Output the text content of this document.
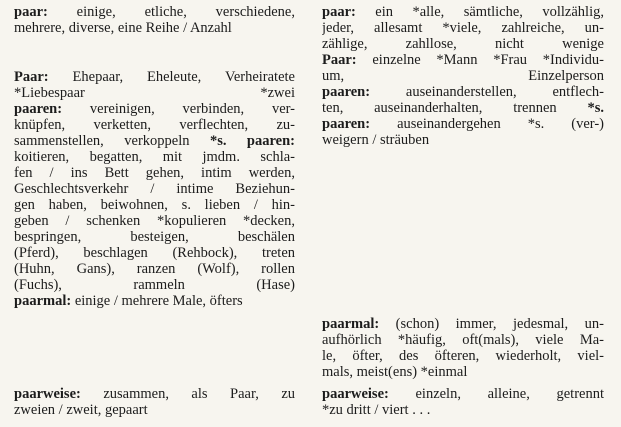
paar: einige, etliche, verschiedene,
mehrere, diverse, eine Reihe / Anzahl
Paar: Ehepaar, Eheleute, Verheiratete
*Liebespaar *zwei
paaren: vereinigen, verbinden, ver-
knüpfen, verketten, verflechten, zu-
sammenstellen, verkoppeln *s. paaren:
koitieren, begatten, mit jmdm. schla-
fen / ins Bett gehen, intim werden,
Geschlechtsverkehr / intime Beziehun-
gen haben, beiwohnen, s. lieben / hin-
geben / schenken *kopulieren *decken,
bespringen, besteigen, beschälen
(Pferd), beschlagen (Rehbock), treten
(Huhn, Gans), ranzen (Wolf), rollen
(Fuchs), rammeln (Hase)
paarmal: einige / mehrere Male, öfters
paarweise: zusammen, als Paar, zu
zweien / zweit, gepaart
paar: ein *alle, sämtliche, vollzählig,
jeder, allesamt *viele, zahlreiche, un-
zählige, zahllose, nicht wenige
Paar: einzelne *Mann *Frau *Individu-
um, Einzelperson
paaren: auseinanderstellen, entflech-
ten, auseinanderhalten, trennen *s.
paaren: auseinandergehen *s. (ver-)
weigern / sträuben
paarmal: (schon) immer, jedesmal, un-
aufhörlich *häufig, oft(mals), viele Ma-
le, öfter, des öfteren, wiederholt, viel-
mals, meist(ens) *einmal
paarweise: einzeln, alleine, getrennt
*zu dritt / viert . . .
